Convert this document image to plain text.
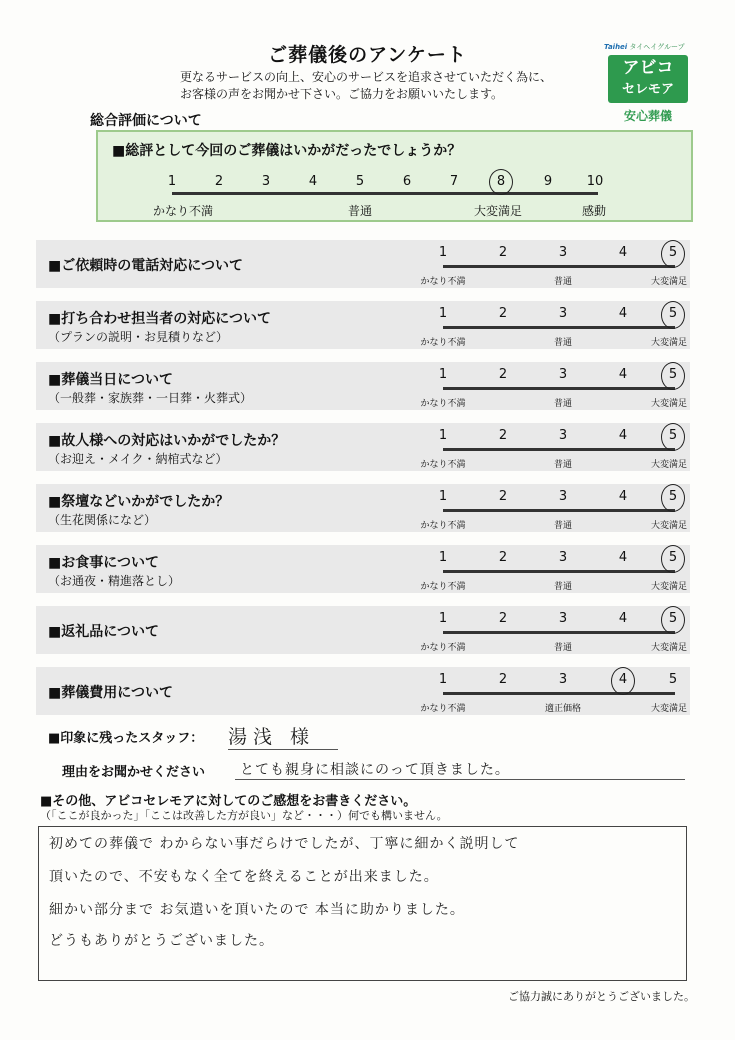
ご葬儀後のアンケート
更なるサービスの向上、安心のサービスを追求させていただく為に、
お客様の声をお聞かせ下さい。ご協力をお願いいたします。
Taihei タイヘイグループ
アビコ
セレモア
安心葬儀
総合評価について
■総評として今回のご葬儀はいかがだったでしょうか？
かなり不満	普通	大変満足	感動
1	2	3	4	5	6	7	8	9	10
■ご依頼時の電話対応について
1	2	3	4	5
かなり不満	普通	大変満足
■打ち合わせ担当者の対応について
（プランの説明・お見積りなど）
1	2	3	4	5
かなり不満	普通	大変満足
■葬儀当日について
（一般葬・家族葬・一日葬・火葬式）
1	2	3	4	5
かなり不満	普通	大変満足
■故人様への対応はいかがでしたか？
（お迎え・メイク・納棺式など）
1	2	3	4	5
かなり不満	普通	大変満足
■祭壇などいかがでしたか？
（生花関係になど）
1	2	3	4	5
かなり不満	普通	大変満足
■お食事について
（お通夜・精進落とし）
1	2	3	4	5
かなり不満	普通	大変満足
■返礼品について
1	2	3	4	5
かなり不満	普通	大変満足
■葬儀費用について
1	2	3	4	5
かなり不満	適正価格	大変満足
■印象に残ったスタッフ： 湯浅 様
理由をお聞かせください とても親身に相談にのって頂きました。
■その他、アビコセレモアに対してのご感想をお書きください。
（「ここが良かった」「ここは改善した方が良い」など・・・）何でも構いません。
初めての葬儀で わからない事だらけでしたが、丁寧に細かく説明して
頂いたので、不安もなく全てを終えることが出来ました。
細かい部分まで お気遣いを頂いたので 本当に助かりました。
どうもありがとうございました。
ご協力誠にありがとうございました。
